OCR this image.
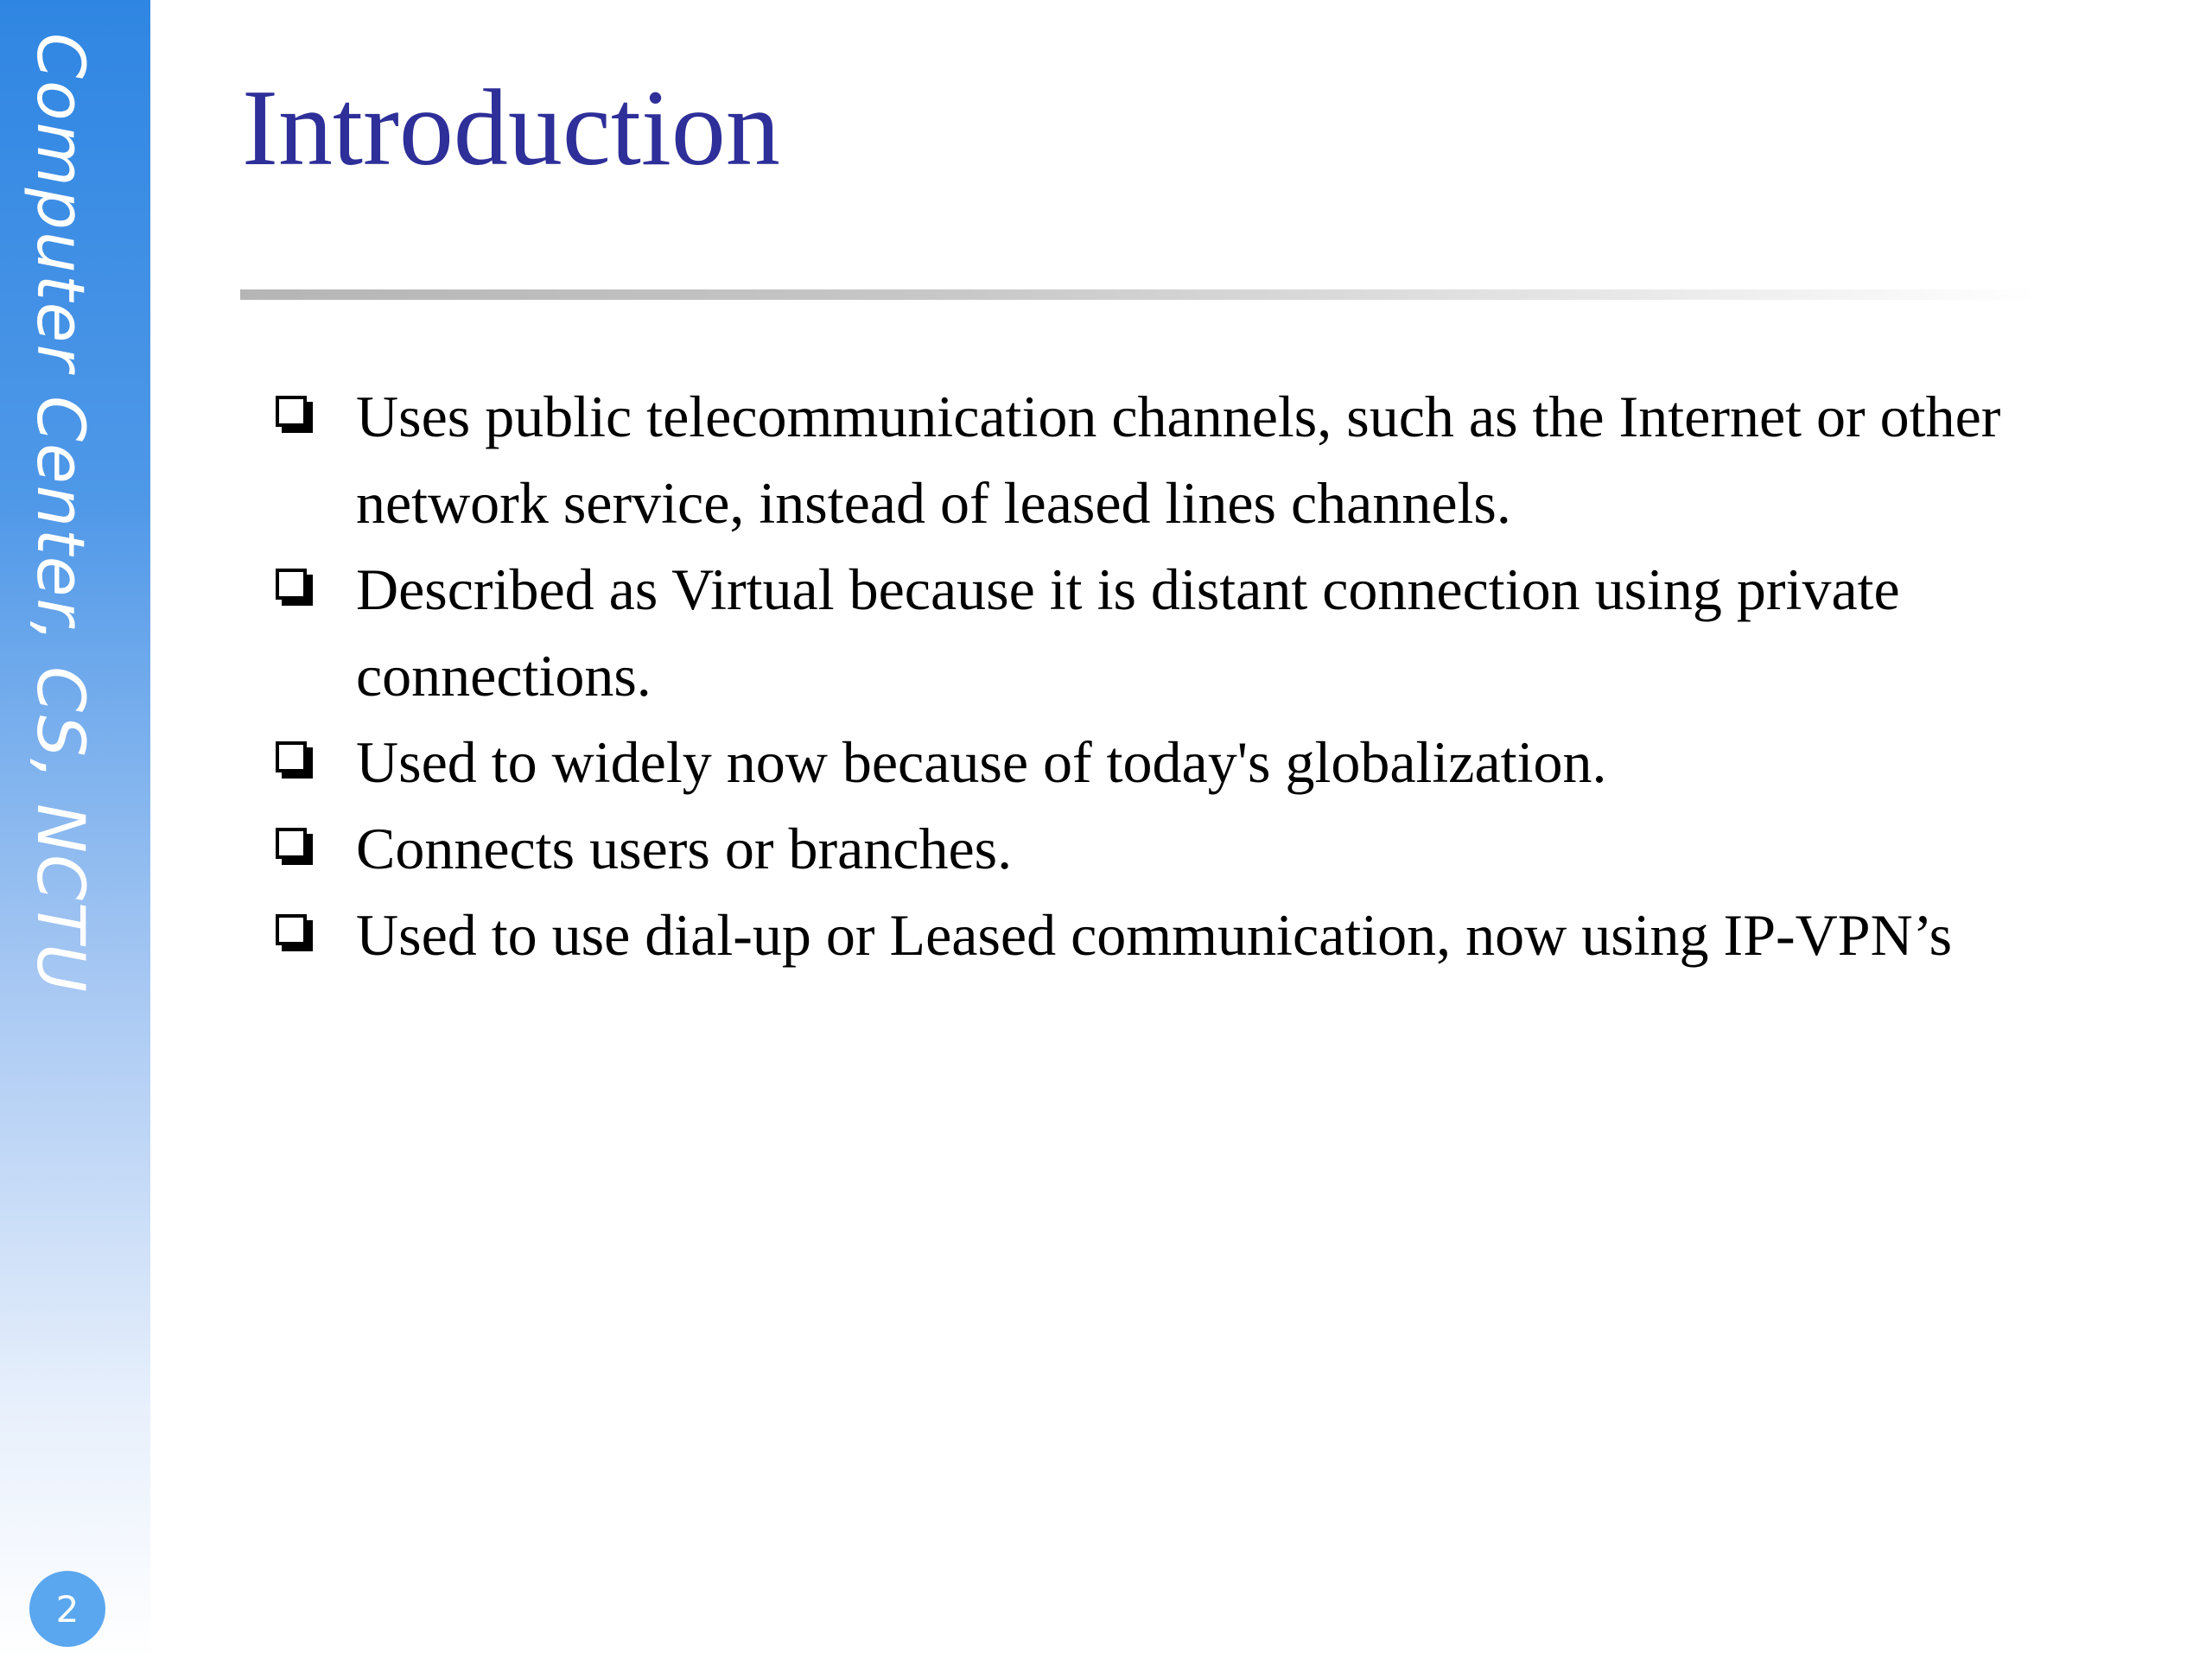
Computer Center, CS, NCTU
2
Introduction
Uses public telecommunication channels, such as the Internet or other network service, instead of leased lines channels.
Described as Virtual because it is distant connection using private connections.
Used to widely now because of today's globalization.
Connects users or branches.
Used to use dial-up or Leased communication, now using IP-VPN’s
